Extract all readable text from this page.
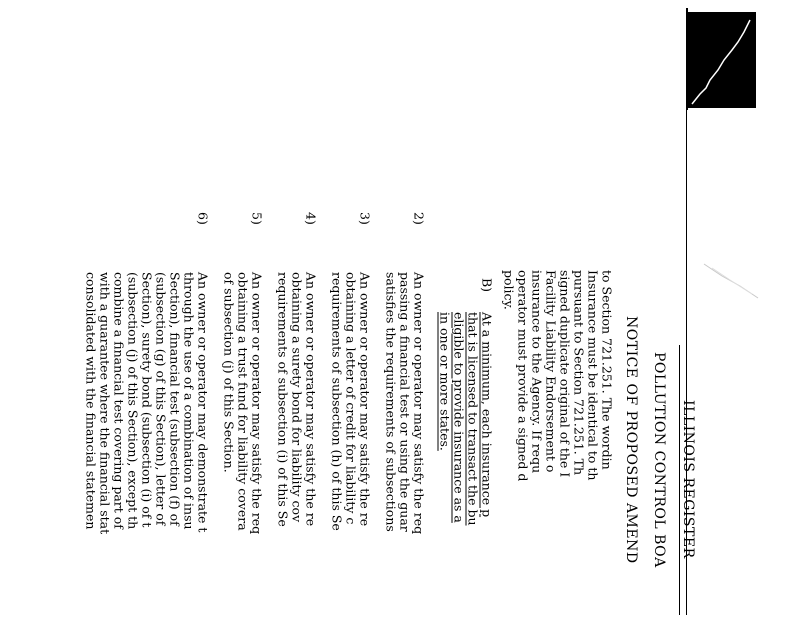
ILLINOIS REGISTER
POLLUTION CONTROL BOA
NOTICE OF PROPOSED AMEND
to Section 721.251. The wordin
Insurance must be identical to th
pursuant to Section 721.251. Th
signed duplicate original of the I
Facility Liability Endorsement o
insurance to the Agency. If requ
operator must provide a signed d
policy.
B)
At a minimum, each insurance p
that is licensed to transact the bu
eligible to provide insurance as a
in one or more states.
2)
An owner or operator may satisfy the req
passing a financial test or using the guar
satisfies the requirements of subsections
3)
An owner or operator may satisfy the re
obtaining a letter of credit for liability c
requirements of subsection (h) of this Se
4)
An owner or operator may satisfy the re
obtaining a surety bond for liability cov
requirements of subsection (i) of this Se
5)
An owner or operator may satisfy the req
obtaining a trust fund for liability covera
of subsection (j) of this Section.
6)
An owner or operator may demonstrate t
through the use of a combination of insu
Section), financial test (subsection (f) of
(subsection (g) of this Section), letter of
Section), surety bond (subsection (i) of t
(subsection (j) of this Section), except th
combine a financial test covering part of
with a guarantee where the financial stat
consolidated with the financial statemen
